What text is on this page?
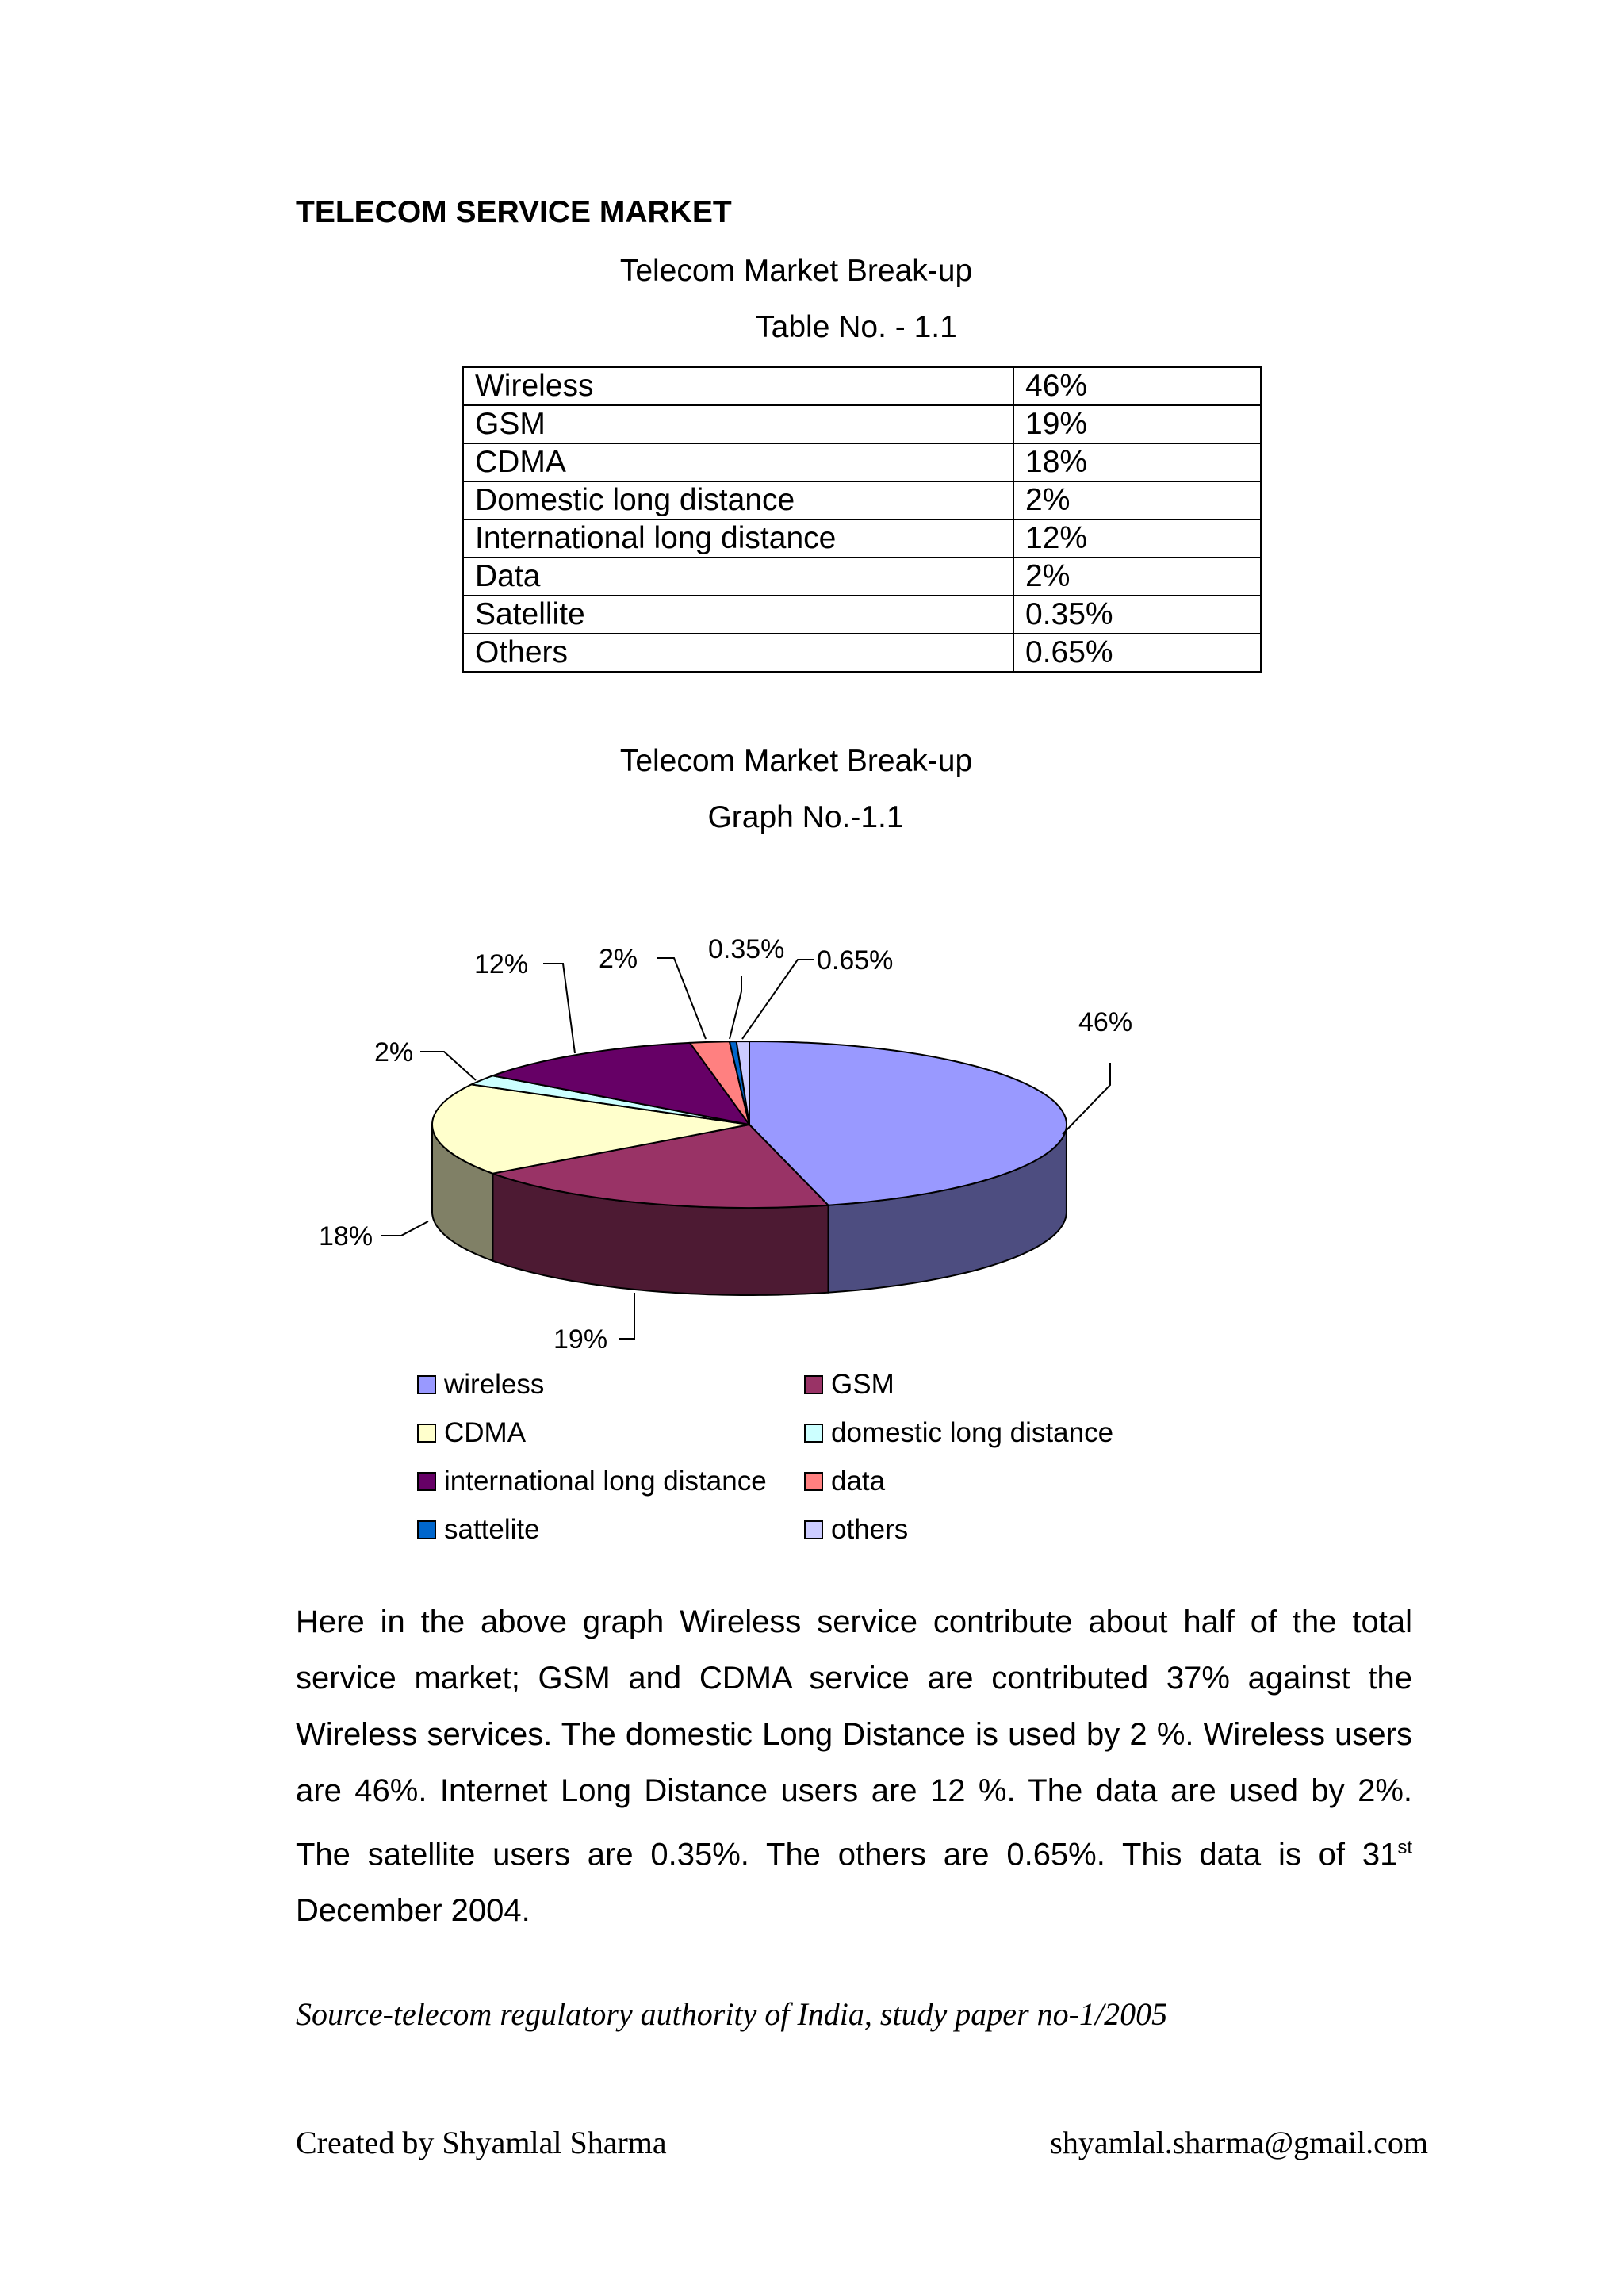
TELECOM SERVICE MARKET
Telecom Market Break-up
Table No. - 1.1
Wireless	46%
GSM	19%
CDMA	18%
Domestic long distance	2%
International long distance	12%
Data	2%
Satellite	0.35%
Others	0.65%
Telecom Market Break-up
Graph No.-1.1
46%
19%
18%
2%
12%	2%	0.35% 0.65%
wireless	GSM
CDMA	domestic long distance
international long distance	data
sattelite	others
Here in the above graph Wireless service contribute about half of the total service market; GSM and CDMA service are contributed 37% against the Wireless services. The domestic Long Distance is used by 2 %. Wireless users are 46%. Internet Long Distance users are 12 %. The data are used by 2%. The satellite users are 0.35%. The others are 0.65%. This data is of 31st December 2004.
Source-telecom regulatory authority of India, study paper no-1/2005
Created by Shyamlal Sharma	shyamlal.sharma@gmail.com
